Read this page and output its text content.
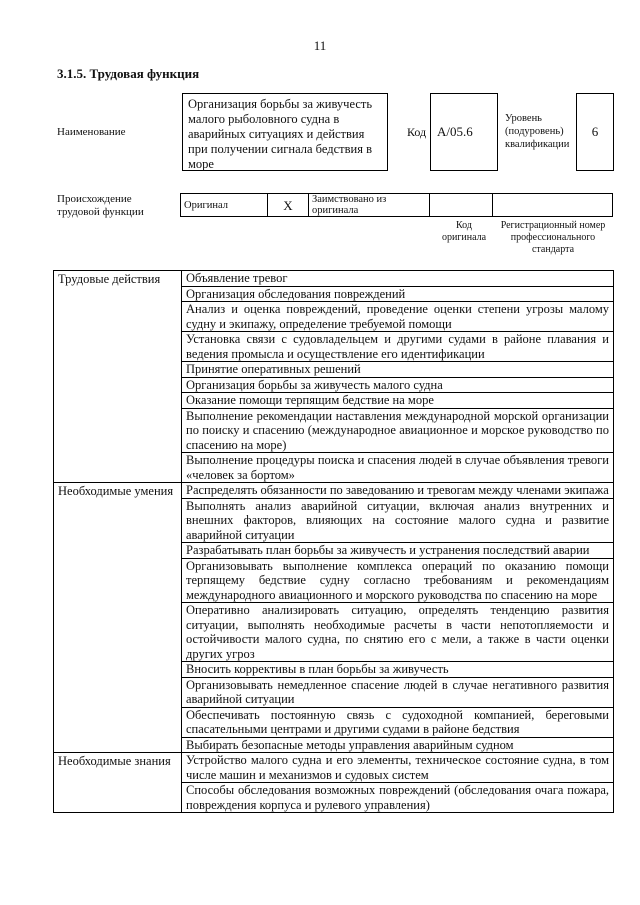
11
3.1.5. Трудовая функция
Наименование
Организация борьбы за живучесть малого рыболовного судна в аварийных ситуациях и действия при получении сигнала бедствия в море
Код А/05.6
Уровень (подуровень) квалификации
6
Происхождение трудовой функции
Оригинал	X	Заимствовано из оригинала		
Код оригинала
Регистрационный номер профессионального стандарта
Трудовые действия	Объявление тревог
	Организация обследования повреждений
	Анализ и оценка повреждений, проведение оценки степени угрозы малому судну и экипажу, определение требуемой помощи
	Установка связи с судовладельцем и другими судами в районе плавания и ведения промысла и осуществление его идентификации
	Принятие оперативных решений
	Организация борьбы за живучесть малого судна
	Оказание помощи терпящим бедствие на море
	Выполнение рекомендации наставления международной морской организации по поиску и спасению (международное авиационное и морское руководство по спасению на море)
	Выполнение процедуры поиска и спасения людей в случае объявления тревоги «человек за бортом»
Необходимые умения	Распределять обязанности по заведованию и тревогам между членами экипажа
	Выполнять анализ аварийной ситуации, включая анализ внутренних и внешних факторов, влияющих на состояние малого судна и развитие аварийной ситуации
	Разрабатывать план борьбы за живучесть и устранения последствий аварии
	Организовывать выполнение комплекса операций по оказанию помощи терпящему бедствие судну согласно требованиям и рекомендациям международного авиационного и морского руководства по спасению на море
	Оперативно анализировать ситуацию, определять тенденцию развития ситуации, выполнять необходимые расчеты в части непотопляемости и остойчивости малого судна, по снятию его с мели, а также в части оценки других угроз
	Вносить коррективы в план борьбы за живучесть
	Организовывать немедленное спасение людей в случае негативного развития аварийной ситуации
	Обеспечивать постоянную связь с судоходной компанией, береговыми спасательными центрами и другими судами в районе бедствия
	Выбирать безопасные методы управления аварийным судном
Необходимые знания	Устройство малого судна и его элементы, техническое состояние судна, в том числе машин и механизмов и судовых систем
	Способы обследования возможных повреждений (обследования очага пожара, повреждения корпуса и рулевого управления)
